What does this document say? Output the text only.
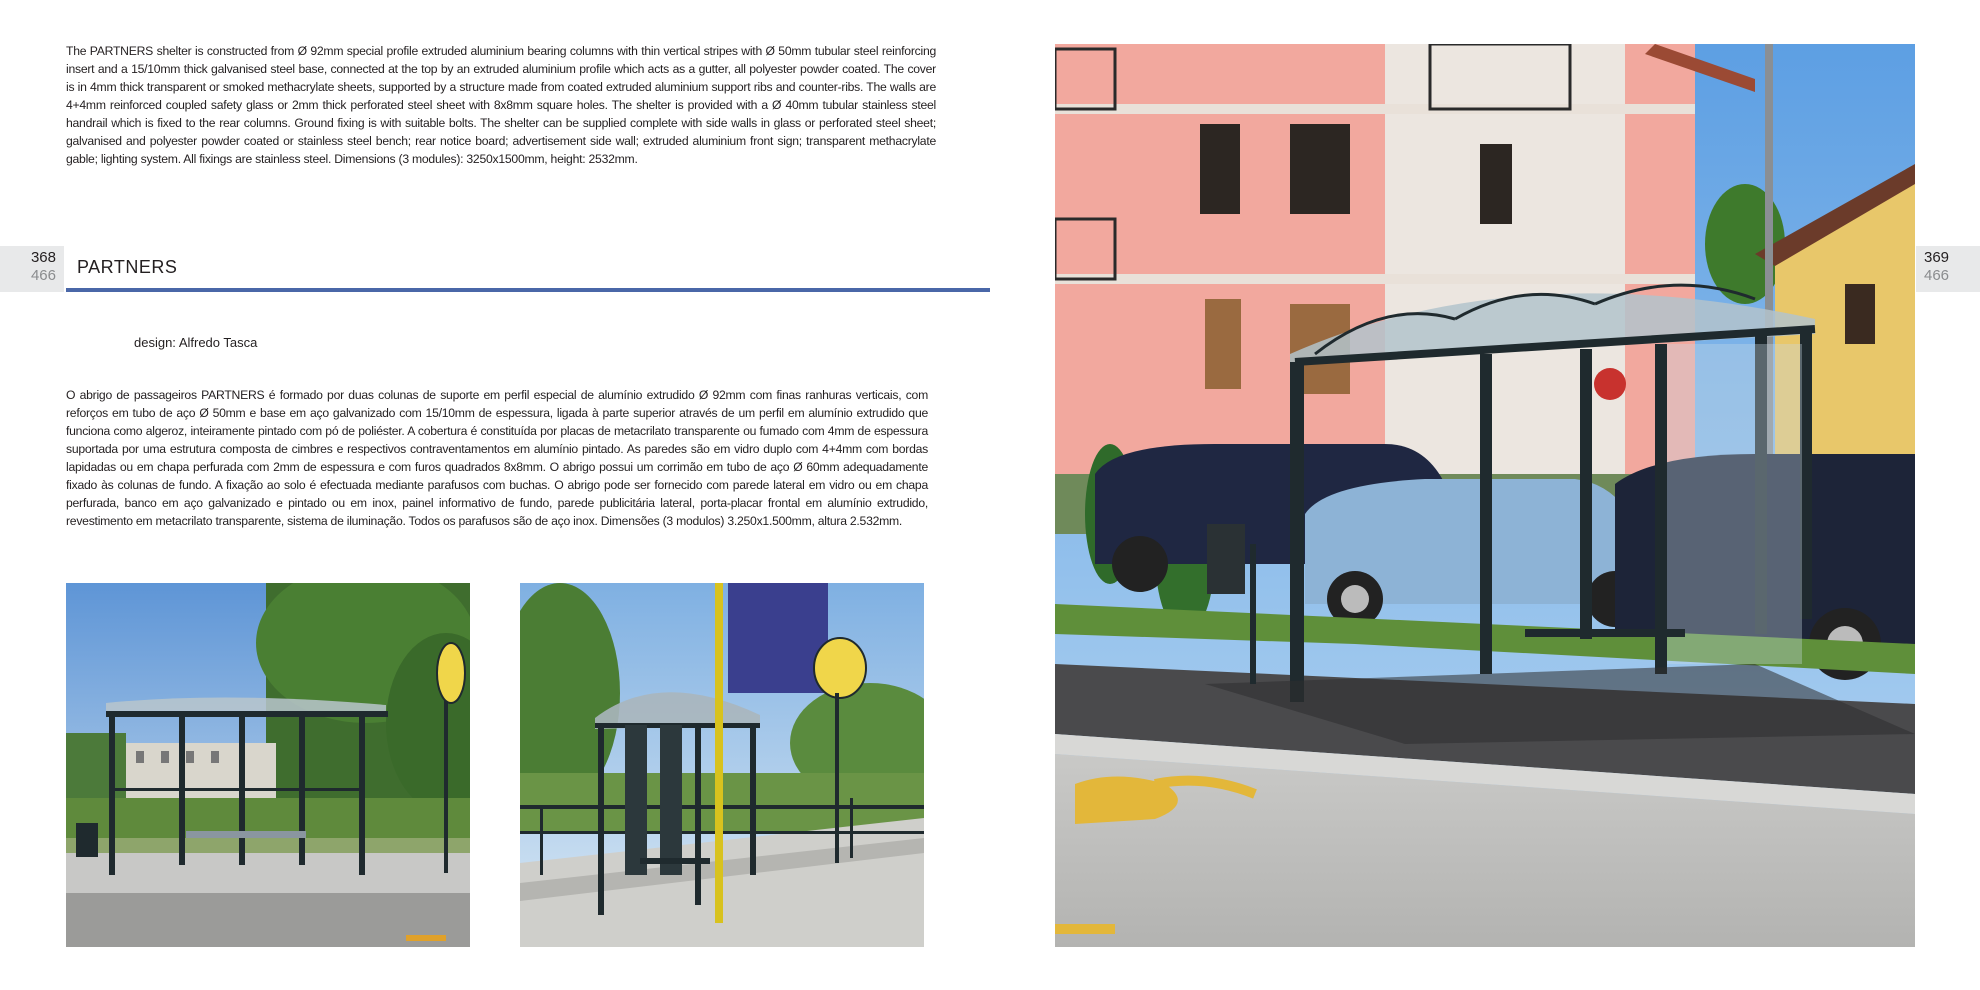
The PARTNERS shelter is constructed from Ø 92mm special profile extruded aluminium bearing columns with thin vertical stripes with Ø 50mm tubular steel reinforcing insert and a 15/10mm thick galvanised steel base, connected at the top by an extruded aluminium profile which acts as a gutter, all polyester powder coated. The cover is in 4mm thick transparent or smoked methacrylate sheets, supported by a structure made from coated extruded aluminium support ribs and counter-ribs. The walls are 4+4mm reinforced coupled safety glass or 2mm thick perforated steel sheet with 8x8mm square holes. The shelter is provided with a Ø 40mm tubular stainless steel handrail which is fixed to the rear columns. Ground fixing is with suitable bolts. The shelter can be supplied complete with side walls in glass or perforated steel sheet; galvanised and polyester powder coated or stainless steel bench; rear notice board; advertisement side wall; extruded aluminium front sign; transparent methacrylate gable; lighting system. All fixings are stainless steel. Dimensions (3 modules): 3250x1500mm, height: 2532mm.

368
466 PARTNERS
design: Alfredo Tasca

O abrigo de passageiros PARTNERS é formado por duas colunas de suporte em perfil especial de alumínio extrudido Ø 92mm com finas ranhuras verticais, com reforços em tubo de aço Ø 50mm e base em aço galvanizado com 15/10mm de espessura, ligada à parte superior através de um perfil em alumínio extrudido que funciona como algeroz, inteiramente pintado com pó de poliéster. A cobertura é constituída por placas de metacrilato transparente ou fumado com 4mm de espessura suportada por uma estrutura composta de cimbres e respectivos contraventamentos em alumínio pintado. As paredes são em vidro duplo com 4+4mm com bordas lapidadas ou em chapa perfurada com 2mm de espessura e com furos quadrados 8x8mm. O abrigo possui um corrimão em tubo de aço Ø 60mm adequadamente fixado às colunas de fundo. A fixação ao solo é efectuada mediante parafusos com buchas. O abrigo pode ser fornecido com parede lateral em vidro ou em chapa perfurada, banco em aço galvanizado e pintado ou em inox, painel informativo de fundo, parede publicitária lateral, porta-placar frontal em alumínio extrudido, revestimento em metacrilato transparente, sistema de iluminação. Todos os parafusos são de aço inox. Dimensões (3 modulos) 3.250x1.500mm, altura 2.532mm.

369
466
